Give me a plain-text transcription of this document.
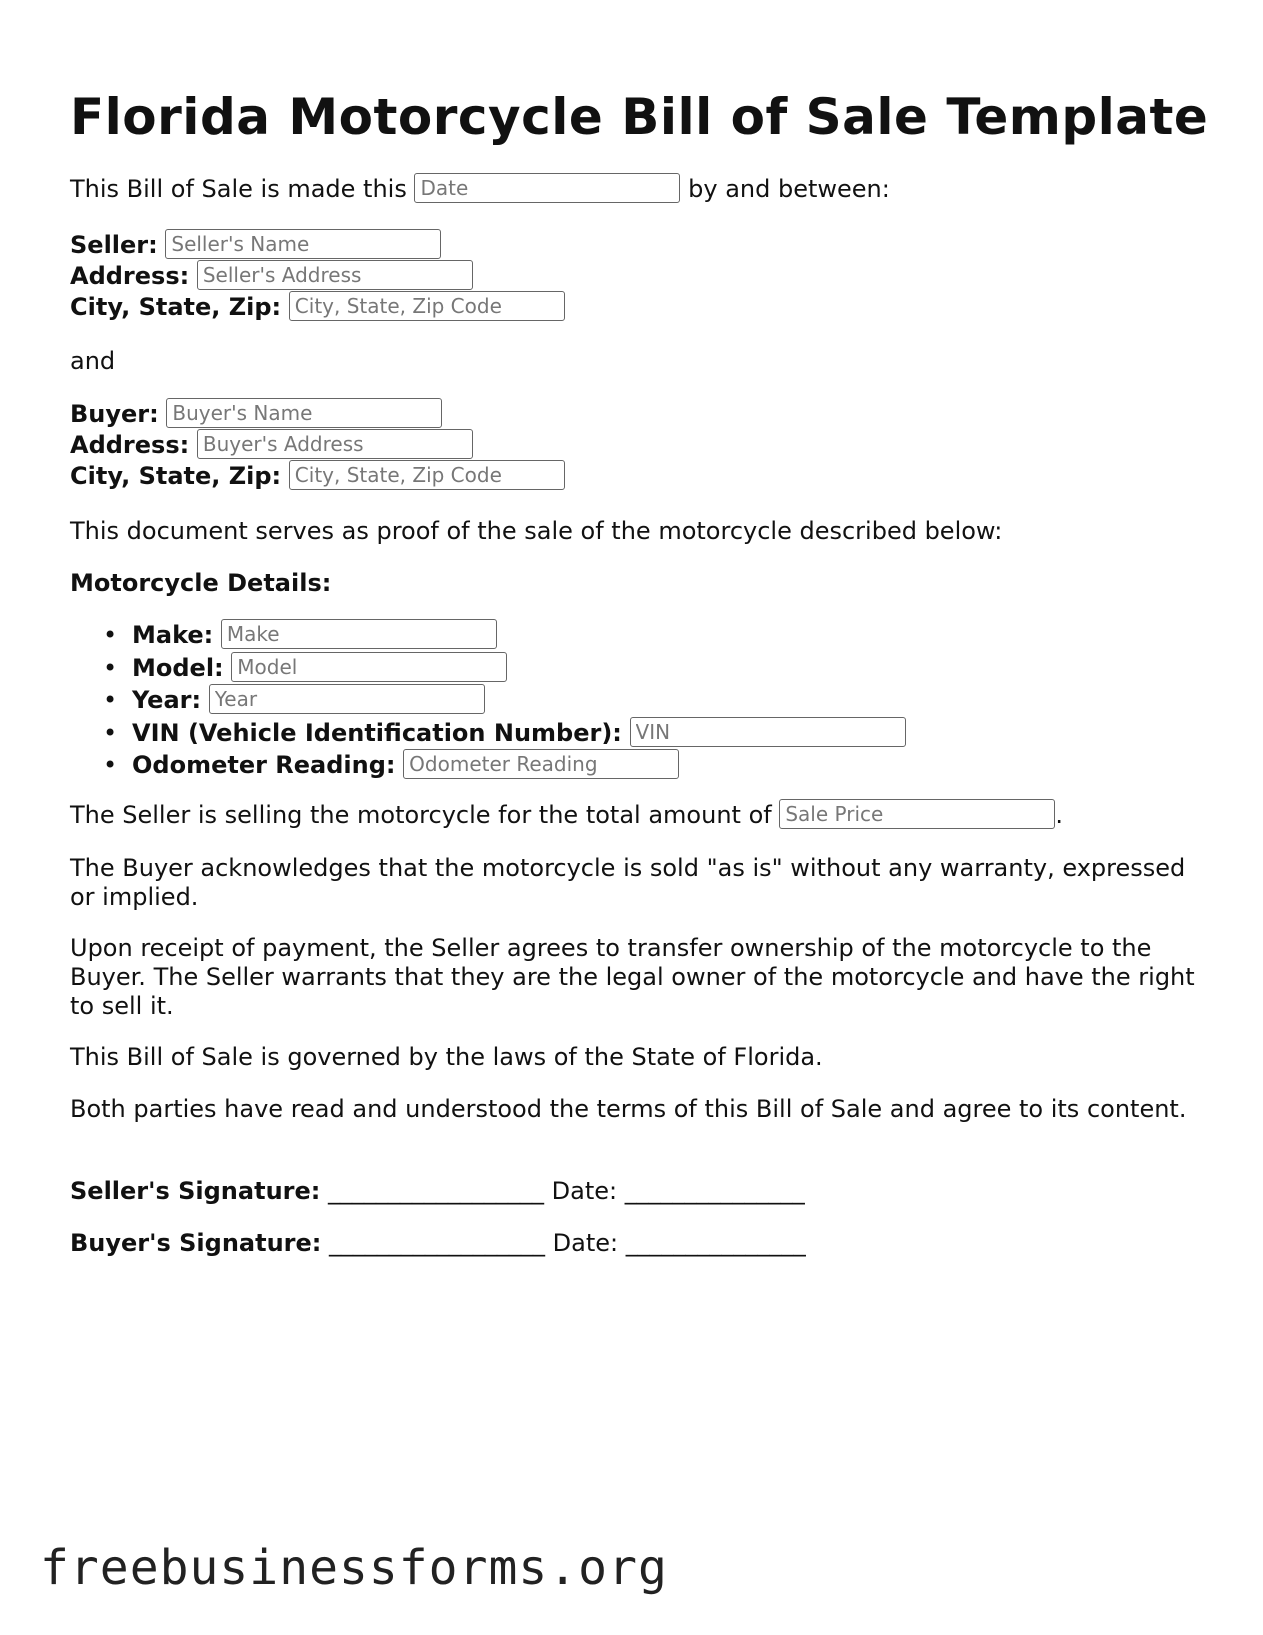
Florida Motorcycle Bill of Sale Template
This Bill of Sale is made this Date	by and between:
Seller: Seller's Name
Address: Seller's Address
City, State, Zip: City, State, Zip Code
and
Buyer: Buyer's Name
Address: Buyer's Address
City, State, Zip: City, State, Zip Code
This document serves as proof of the sale of the motorcycle described below:
Motorcycle Details:
• Make: Make
• Model: Model
• Year: Year
• VIN (Vehicle Identification Number): VIN
• Odometer Reading: Odometer Reading
The Seller is selling the motorcycle for the total amount of Sale Price	.
The Buyer acknowledges that the motorcycle is sold "as is" without any warranty, expressed or implied.
Upon receipt of payment, the Seller agrees to transfer ownership of the motorcycle to the Buyer. The Seller warrants that they are the legal owner of the motorcycle and have the right to sell it.
This Bill of Sale is governed by the laws of the State of Florida.
Both parties have read and understood the terms of this Bill of Sale and agree to its content.
Seller's Signature: __________________ Date: _______________
Buyer's Signature: __________________ Date: _______________
freebusinessforms.org
